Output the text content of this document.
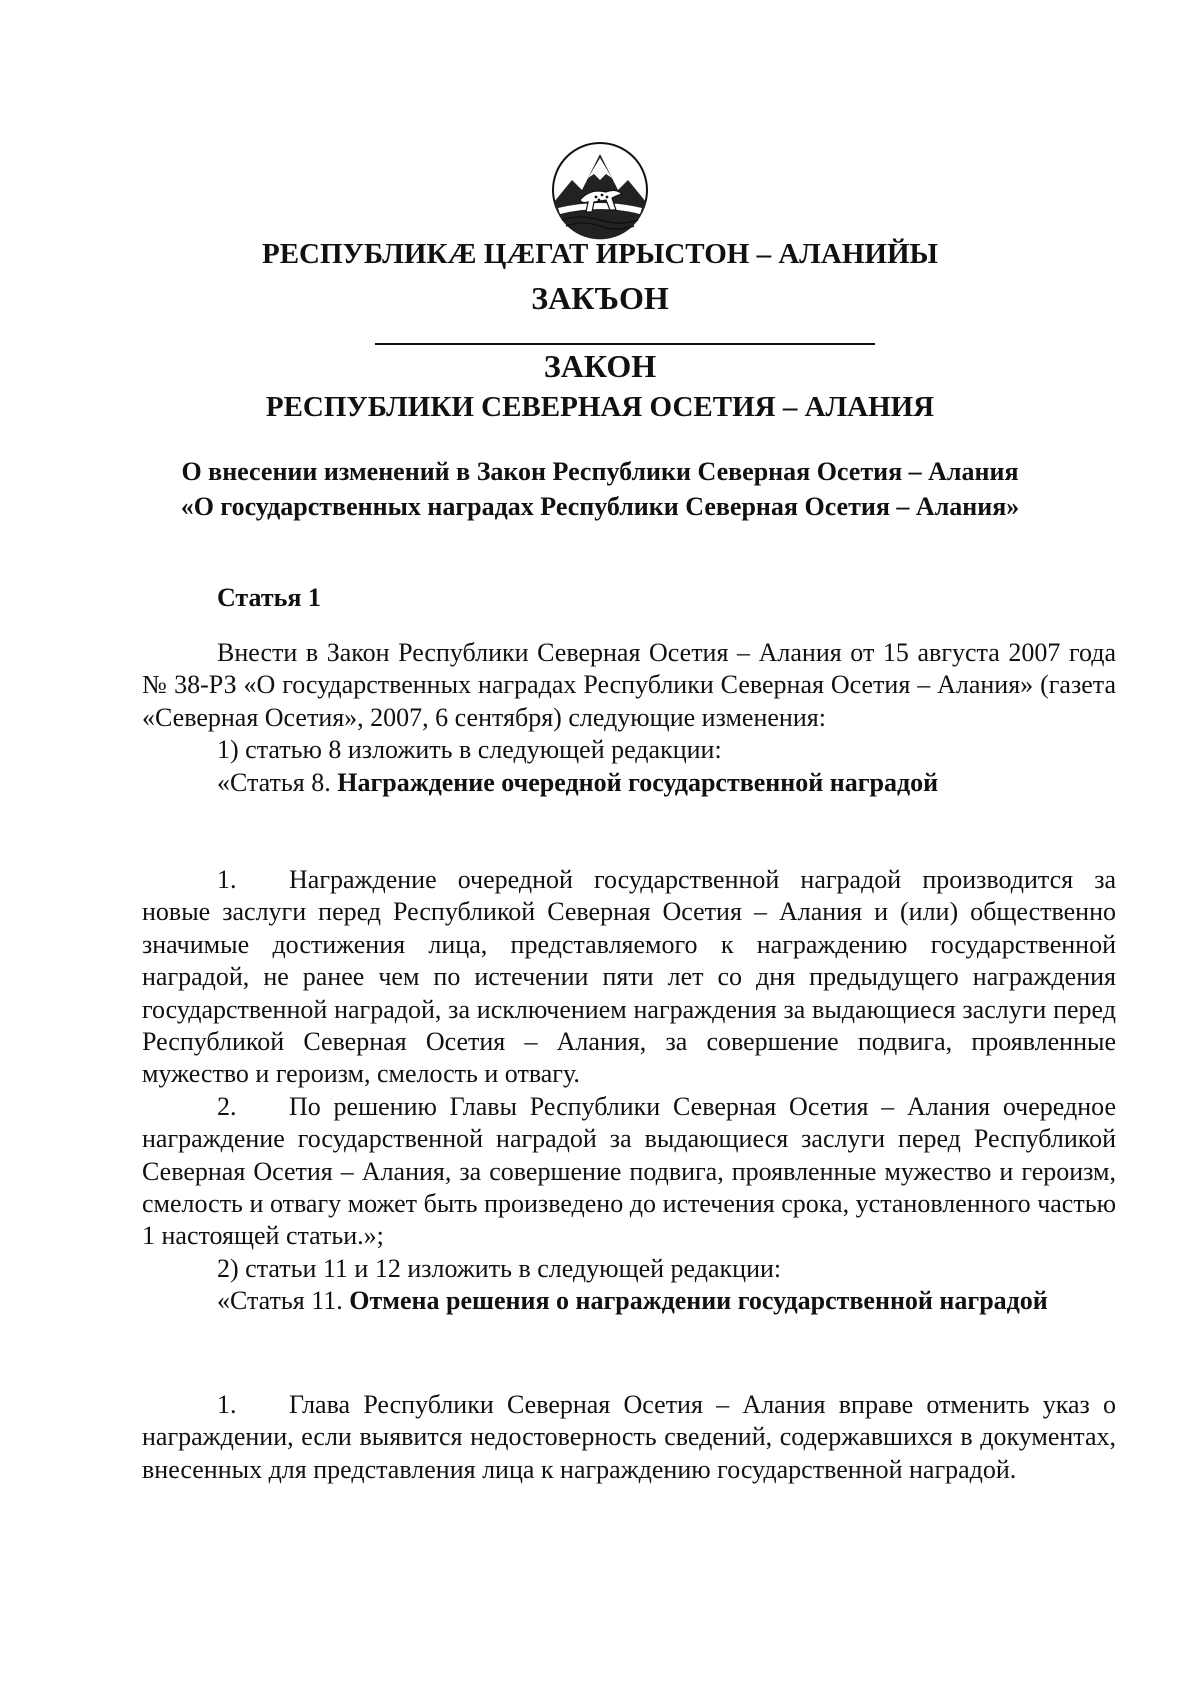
РЕСПУБЛИКÆ ЦÆГАТ ИРЫСТОН – АЛАНИЙЫ
ЗАКЪОН
ЗАКОН
РЕСПУБЛИКИ СЕВЕРНАЯ ОСЕТИЯ – АЛАНИЯ
О внесении изменений в Закон Республики Северная Осетия – Алания
«О государственных наградах Республики Северная Осетия – Алания»
Статья 1

Внести в Закон Республики Северная Осетия – Алания от 15 августа 2007 года № 38-РЗ «О государственных наградах Республики Северная Осетия – Алания» (газета «Северная Осетия», 2007, 6 сентября) следующие изменения:

1) статью 8 изложить в следующей редакции:

«Статья 8. Награждение очередной государственной наградой

1. Награждение очередной государственной наградой производится за новые заслуги перед Республикой Северная Осетия – Алания и (или) общественно значимые достижения лица, представляемого к награждению государственной наградой, не ранее чем по истечении пяти лет со дня предыдущего награждения государственной наградой, за исключением награждения за выдающиеся заслуги перед Республикой Северная Осетия – Алания, за совершение подвига, проявленные мужество и героизм, смелость и отвагу.

2. По решению Главы Республики Северная Осетия – Алания очередное награждение государственной наградой за выдающиеся заслуги перед Республикой Северная Осетия – Алания, за совершение подвига, проявленные мужество и героизм, смелость и отвагу может быть произведено до истечения срока, установленного частью 1 настоящей статьи.»;

2) статьи 11 и 12 изложить в следующей редакции:

«Статья 11. Отмена решения о награждении государственной наградой

1. Глава Республики Северная Осетия – Алания вправе отменить указ о награждении, если выявится недостоверность сведений, содержавшихся в документах, внесенных для представления лица к награждению государственной наградой.
